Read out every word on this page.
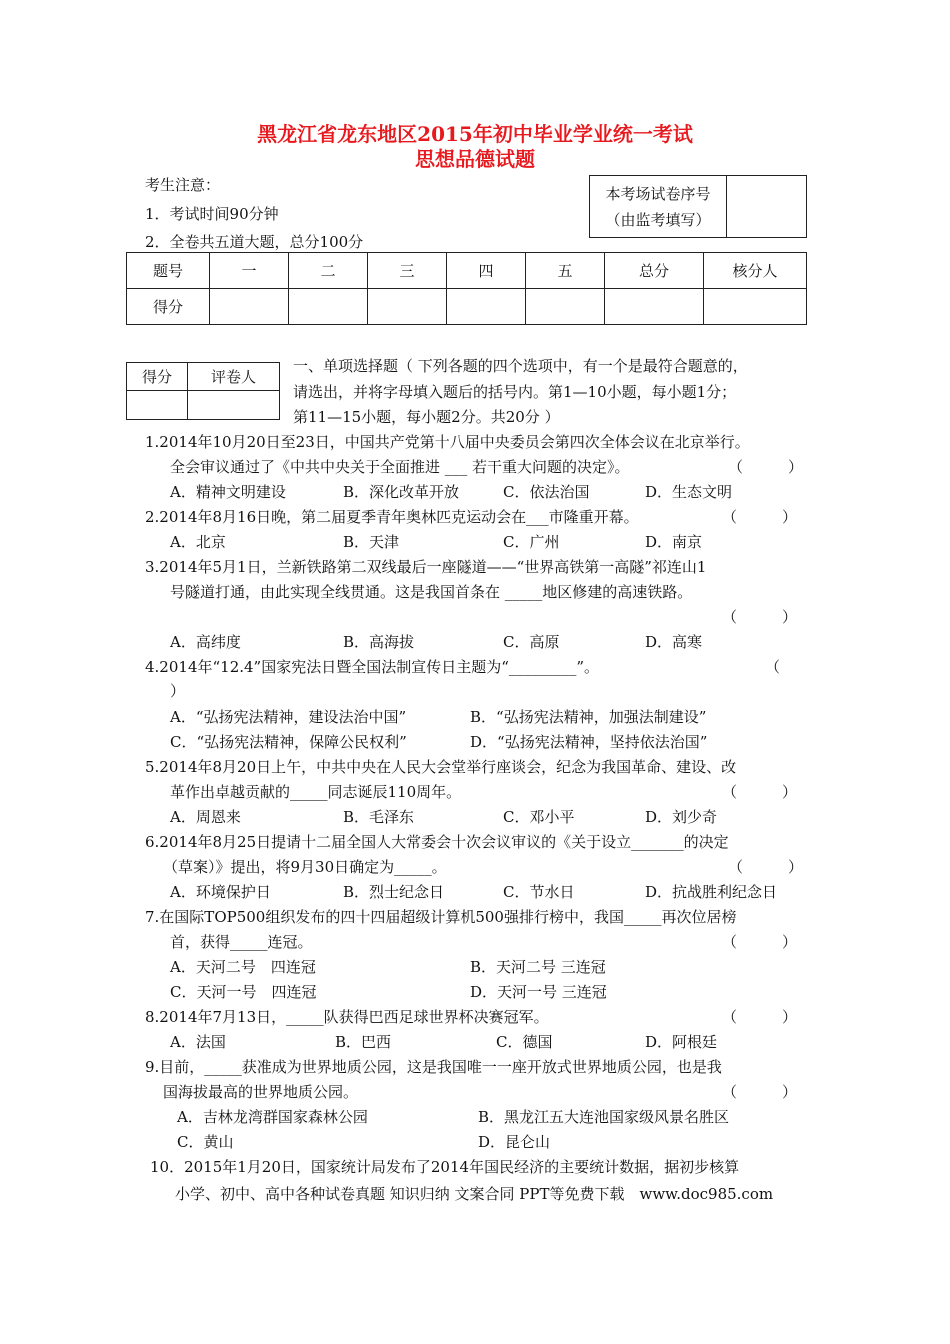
黑龙江省龙东地区2015年初中毕业学业统一考试
思想品德试题
考生注意：
1．考试时间90分钟
2．全卷共五道大题，总分100分
本考场试卷序号
（由监考填写）

题号	一	二	三	四	五	总分	核分人
得分							
得分	评卷人

一、单项选择题（ 下列各题的四个选项中，有一个是最符合题意的，
请选出，并将字母填入题后的括号内。第1—10小题，每小题1分；
第11—15小题，每小题2分。共20分 ）
1.2014年10月20日至23日，中国共产党第十八届中央委员会第四次全体会议在北京举行。
全会审议通过了《中共中央关于全面推进 ___ 若干重大问题的决定》。	（　　　）
A．精神文明建设	B．深化改革开放	C．依法治国	D．生态文明
2.2014年8月16日晚，第二届夏季青年奥林匹克运动会在___市隆重开幕。	（　　　）
A．北京	B．天津	C．广州	D．南京
3.2014年5月1日，兰新铁路第二双线最后一座隧道——“世界高铁第一高隧”祁连山1
号隧道打通，由此实现全线贯通。这是我国首条在 _____地区修建的高速铁路。
（　　　）
A．高纬度	B．高海拔	C．高原	D．高寒
4.2014年“12.4”国家宪法日暨全国法制宣传日主题为“_________”。	（
）
A．“弘扬宪法精神，建设法治中国”	B．“弘扬宪法精神，加强法制建设”
C．“弘扬宪法精神，保障公民权利”	D．“弘扬宪法精神，坚持依法治国”
5.2014年8月20日上午，中共中央在人民大会堂举行座谈会，纪念为我国革命、建设、改
革作出卓越贡献的_____同志诞辰110周年。	（　　　）
A．周恩来	B．毛泽东	C．邓小平	D．刘少奇
6.2014年8月25日提请十二届全国人大常委会十次会议审议的《关于设立_______的决定
（草案）》提出，将9月30日确定为_____。	（　　　）
A．环境保护日	B．烈士纪念日	C．节水日	D．抗战胜利纪念日
7.在国际TOP500组织发布的四十四届超级计算机500强排行榜中，我国_____再次位居榜
首，获得_____连冠。	（　　　）
A．天河二号　四连冠	B．天河二号 三连冠
C．天河一号　四连冠	D．天河一号 三连冠
8.2014年7月13日，_____队获得巴西足球世界杯决赛冠军。	（　　　）
A．法国	B．巴西	C．德国	D．阿根廷
9.目前，_____获准成为世界地质公园，这是我国唯一一座开放式世界地质公园，也是我
国海拔最高的世界地质公园。	（　　　）
A．吉林龙湾群国家森林公园	B．黑龙江五大连池国家级风景名胜区
C．黄山	D．昆仑山
10．2015年1月20日，国家统计局发布了2014年国民经济的主要统计数据，据初步核算
小学、初中、高中各种试卷真题 知识归纳 文案合同 PPT等免费下载　www.doc985.com
